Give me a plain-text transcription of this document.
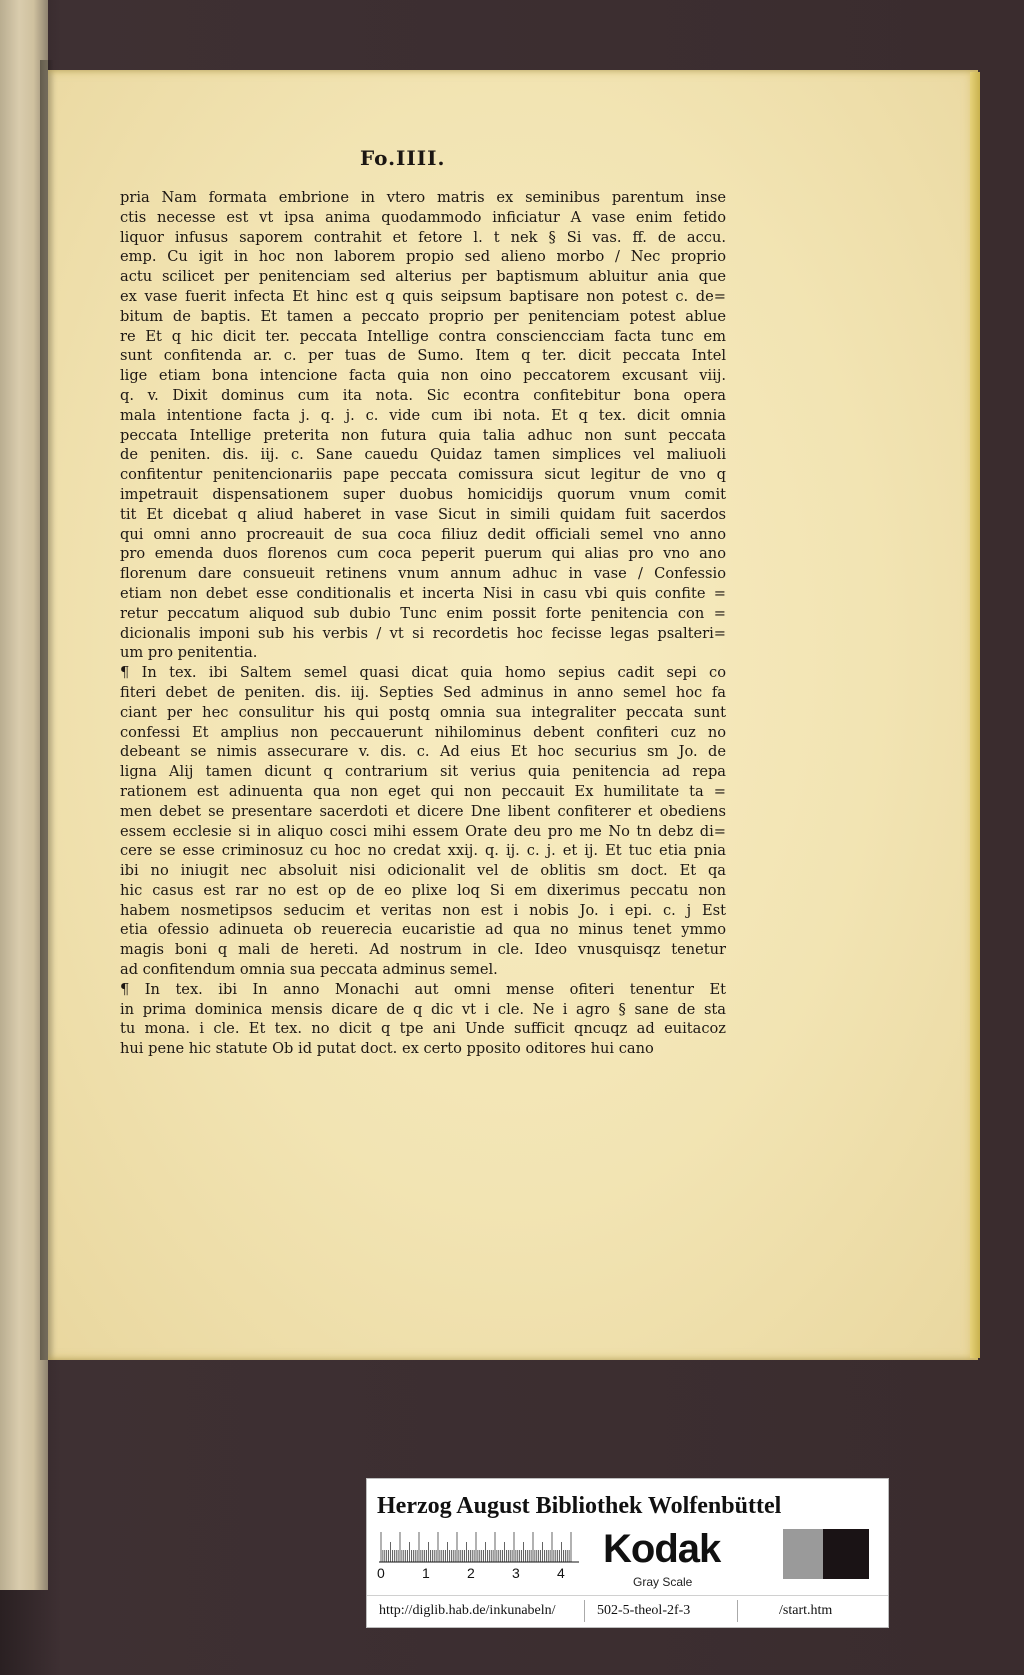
Fo.IIII.
pria Nam formata embrione in vtero matris ex seminibus parentum inse
ctis necesse est vt ipsa anima quodammodo inficiatur A vase enim fetido
liquor infusus saporem contrahit et fetore l. t nek § Si vas. ff. de accu.
emp. Cu igit in hoc non laborem propio sed alieno morbo / Nec proprio
actu scilicet per penitenciam sed alterius per baptismum abluitur ania que
ex vase fuerit infecta Et hinc est q quis seipsum baptisare non potest c. de=
bitum de baptis. Et tamen a peccato proprio per penitenciam potest ablue
re Et q hic dicit ter. peccata Intellige contra consciencciam facta tunc em
sunt confitenda ar. c. per tuas de Sumo. Item q ter. dicit peccata Intel
lige etiam bona intencione facta quia non oino peccatorem excusant viij.
q. v. Dixit dominus cum ita nota. Sic econtra confitebitur bona opera
mala intentione facta j. q. j. c. vide cum ibi nota. Et q tex. dicit omnia
peccata Intellige preterita non futura quia talia adhuc non sunt peccata
de peniten. dis. iij. c. Sane cauedu Quidaz tamen simplices vel maliuoli
confitentur penitencionariis pape peccata comissura sicut legitur de vno q
impetrauit dispensationem super duobus homicidijs quorum vnum comit
tit Et dicebat q aliud haberet in vase Sicut in simili quidam fuit sacerdos
qui omni anno procreauit de sua coca filiuz dedit officiali semel vno anno
pro emenda duos florenos cum coca peperit puerum qui alias pro vno ano
florenum dare consueuit retinens vnum annum adhuc in vase / Confessio
etiam non debet esse conditionalis et incerta Nisi in casu vbi quis confite =
retur peccatum aliquod sub dubio Tunc enim possit forte penitencia con =
dicionalis imponi sub his verbis / vt si recordetis hoc fecisse legas psalteri=
um pro penitentia.
¶ In tex. ibi Saltem semel quasi dicat quia homo sepius cadit sepi co
fiteri debet de peniten. dis. iij. Septies Sed adminus in anno semel hoc fa
ciant per hec consulitur his qui postq omnia sua integraliter peccata sunt
confessi Et amplius non peccauerunt nihilominus debent confiteri cuz no
debeant se nimis assecurare v. dis. c. Ad eius Et hoc securius sm Jo. de
ligna Alij tamen dicunt q contrarium sit verius quia penitencia ad repa
rationem est adinuenta qua non eget qui non peccauit Ex humilitate ta =
men debet se presentare sacerdoti et dicere Dne libent confiterer et obediens
essem ecclesie si in aliquo cosci mihi essem Orate deu pro me No tn debz di=
cere se esse criminosuz cu hoc no credat xxij. q. ij. c. j. et ij. Et tuc etia pnia
ibi no iniugit nec absoluit nisi odicionalit vel de oblitis sm doct. Et qa
hic casus est rar no est op de eo plixe loq Si em dixerimus peccatu non
habem nosmetipsos seducim et veritas non est i nobis Jo. i epi. c. j Est
etia ofessio adinueta ob reuerecia eucaristie ad qua no minus tenet ymmo
magis boni q mali de hereti. Ad nostrum in cle. Ideo vnusquisqz tenetur
ad confitendum omnia sua peccata adminus semel.
¶ In tex. ibi In anno Monachi aut omni mense ofiteri tenentur Et
in prima dominica mensis dicare de q dic vt i cle. Ne i agro § sane de sta
tu mona. i cle. Et tex. no dicit q tpe ani Unde sufficit qncuqz ad euitacoz
hui pene hic statute Ob id putat doct. ex certo pposito oditores hui cano
Herzog August Bibliothek Wolfenbüttel
0	1	2	3	4
Kodak
Gray Scale
http://diglib.hab.de/inkunabeln/	502-5-theol-2f-3	/start.htm
